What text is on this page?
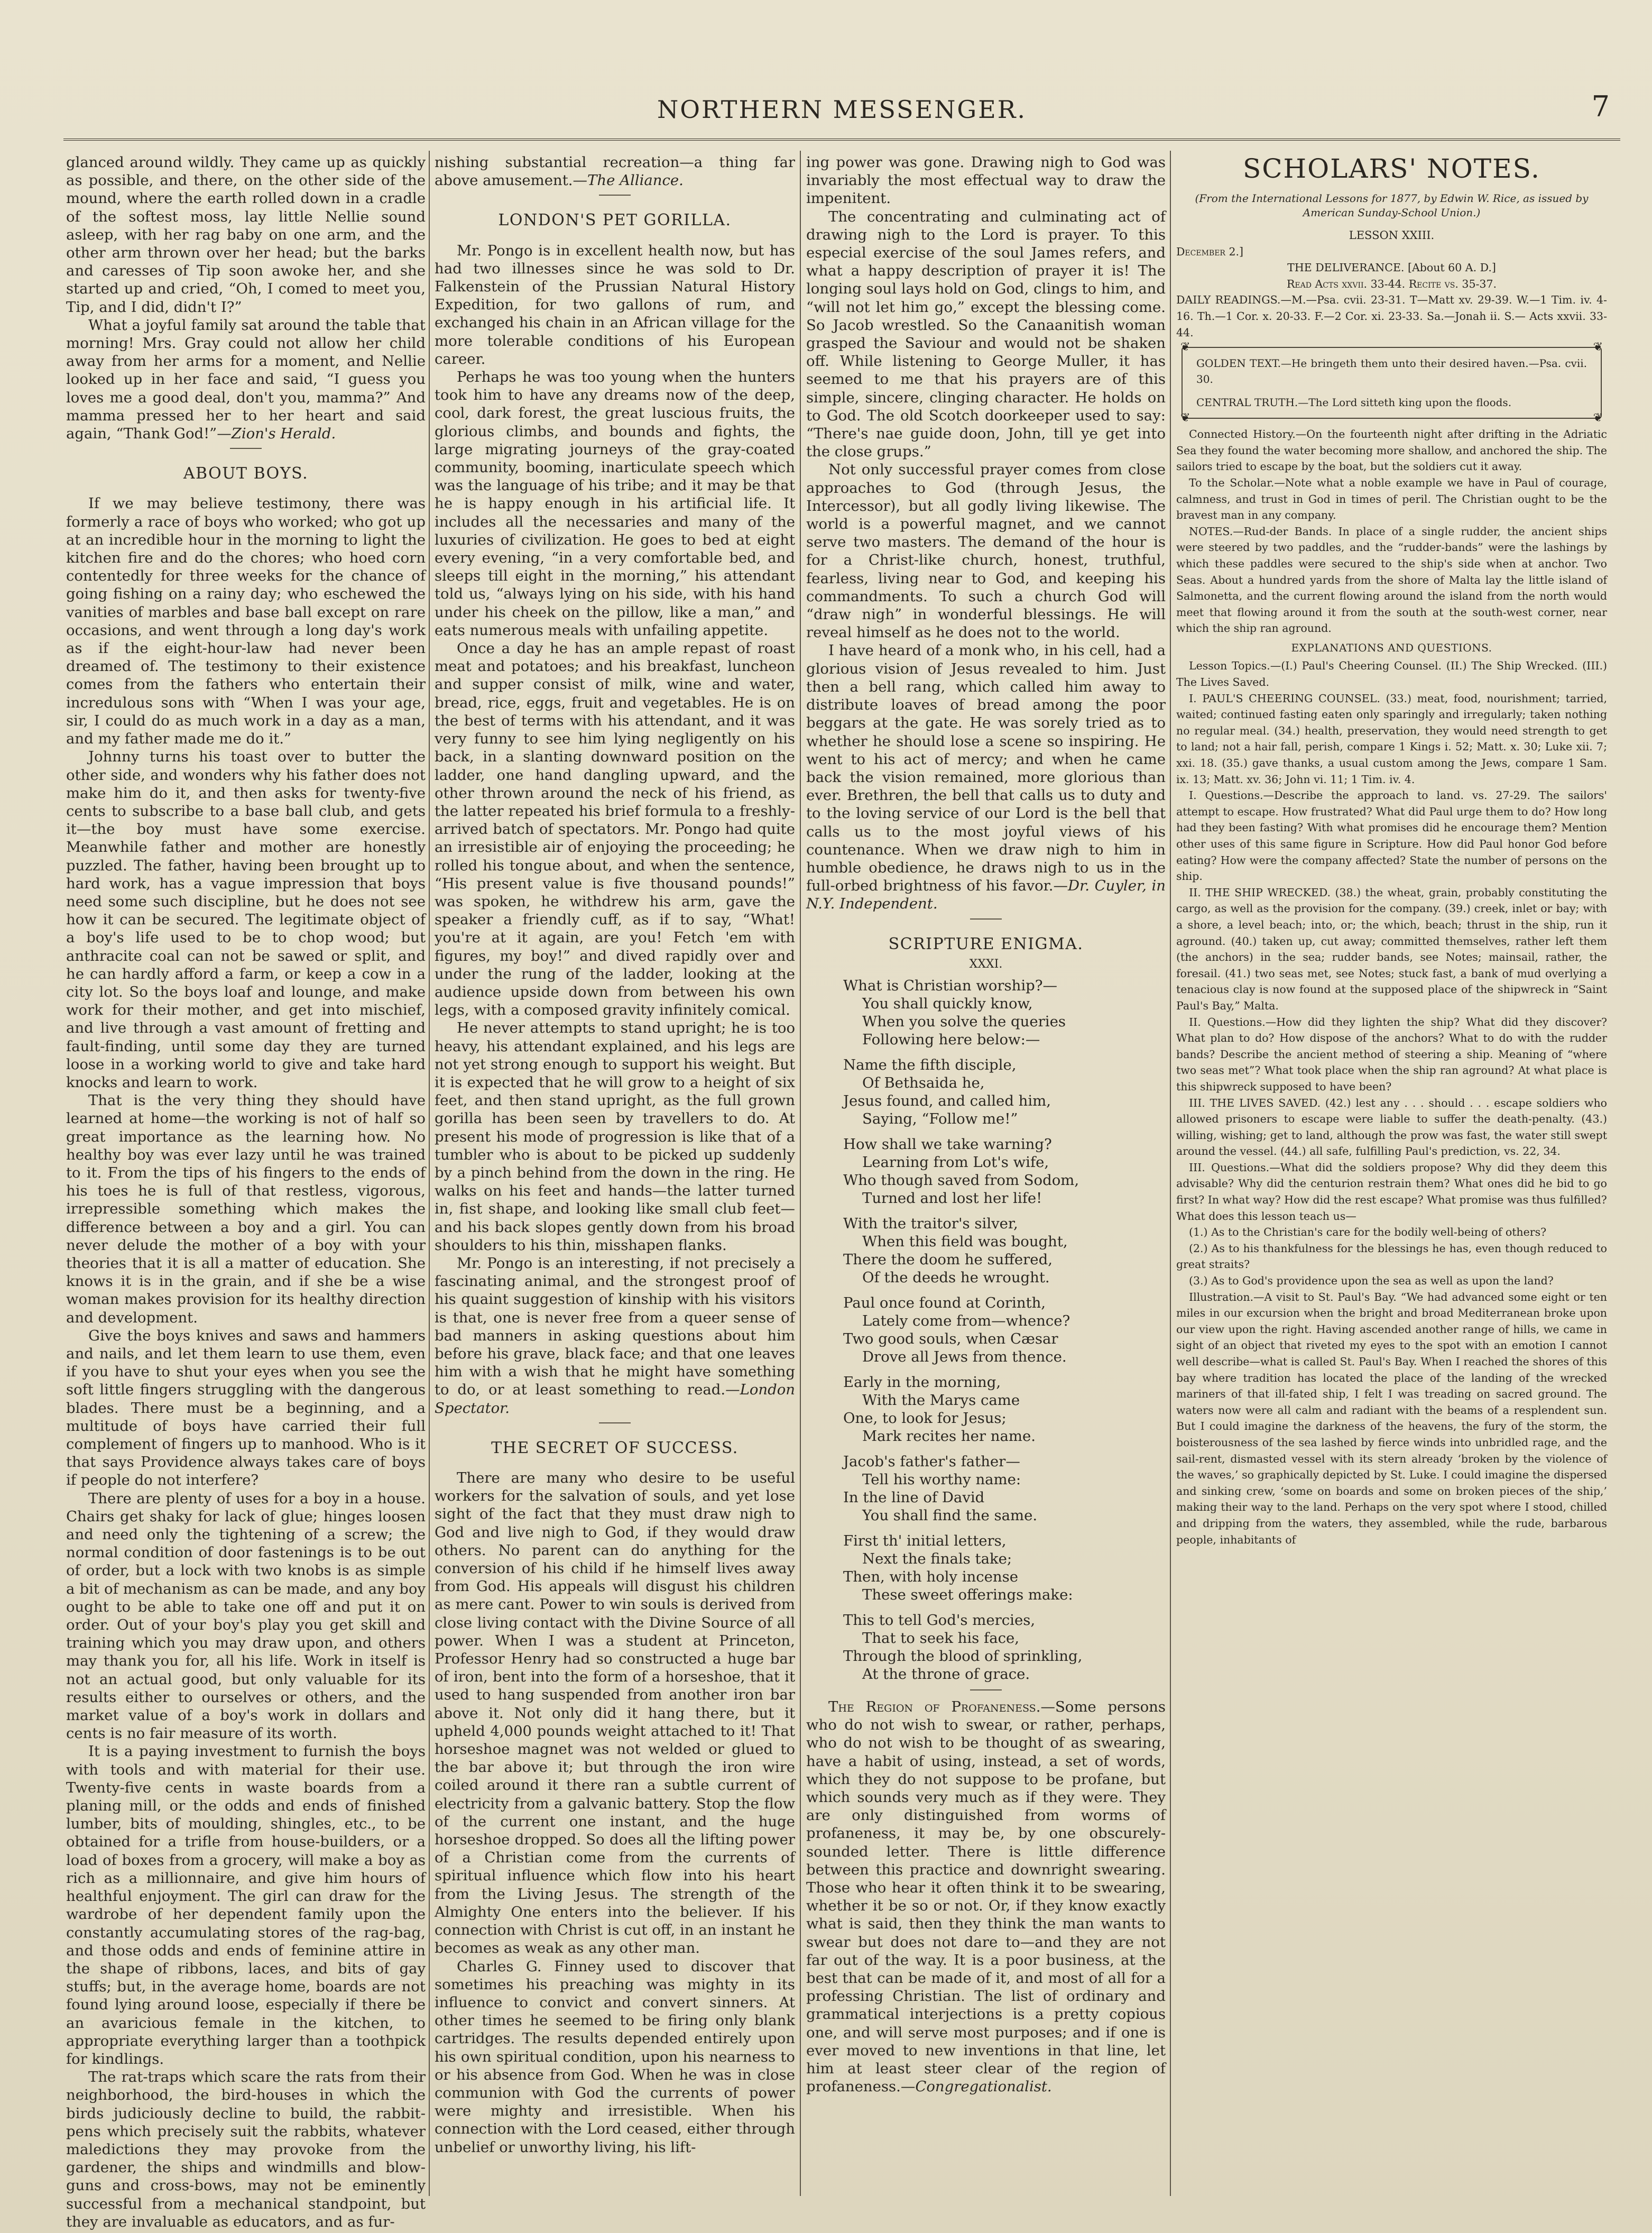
NORTHERN MESSENGER.	7

glanced around wildly. They came up as quickly as possible, and there, on the other side of the mound, where the earth rolled down in a cradle of the softest moss, lay little Nellie sound asleep, with her rag baby on one arm, and the other arm thrown over her head; but the barks and caresses of Tip soon awoke her, and she started up and cried, “Oh, I comed to meet you, Tip, and I did, didn't I?”

What a joyful family sat around the table that morning! Mrs. Gray could not allow her child away from her arms for a moment, and Nellie looked up in her face and said, “I guess you loves me a good deal, don't you, mamma?” And mamma pressed her to her heart and said again, “Thank God!”—Zion's Herald.

ABOUT BOYS.

If we may believe testimony, there was formerly a race of boys who worked; who got up at an incredible hour in the morning to light the kitchen fire and do the chores; who hoed corn contentedly for three weeks for the chance of going fishing on a rainy day; who eschewed the vanities of marbles and base ball except on rare occasions, and went through a long day's work as if the eight-hour-law had never been dreamed of. The testimony to their existence comes from the fathers who entertain their incredulous sons with “When I was your age, sir, I could do as much work in a day as a man, and my father made me do it.”

Johnny turns his toast over to butter the other side, and wonders why his father does not make him do it, and then asks for twenty-five cents to subscribe to a base ball club, and gets it—the boy must have some exercise. Meanwhile father and mother are honestly puzzled. The father, having been brought up to hard work, has a vague impression that boys need some such discipline, but he does not see how it can be secured. The legitimate object of a boy's life used to be to chop wood; but anthracite coal can not be sawed or split, and he can hardly afford a farm, or keep a cow in a city lot. So the boys loaf and lounge, and make work for their mother, and get into mischief, and live through a vast amount of fretting and fault-finding, until some day they are turned loose in a working world to give and take hard knocks and learn to work.

That is the very thing they should have learned at home—the working is not of half so great importance as the learning how. No healthy boy was ever lazy until he was trained to it. From the tips of his fingers to the ends of his toes he is full of that restless, vigorous, irrepressible something which makes the difference between a boy and a girl. You can never delude the mother of a boy with your theories that it is all a matter of education. She knows it is in the grain, and if she be a wise woman makes provision for its healthy direction and development.

Give the boys knives and saws and hammers and nails, and let them learn to use them, even if you have to shut your eyes when you see the soft little fingers struggling with the dangerous blades. There must be a beginning, and a multitude of boys have carried their full complement of fingers up to manhood. Who is it that says Providence always takes care of boys if people do not interfere?

There are plenty of uses for a boy in a house. Chairs get shaky for lack of glue; hinges loosen and need only the tightening of a screw; the normal condition of door fastenings is to be out of order, but a lock with two knobs is as simple a bit of mechanism as can be made, and any boy ought to be able to take one off and put it on order. Out of your boy's play you get skill and training which you may draw upon, and others may thank you for, all his life. Work in itself is not an actual good, but only valuable for its results either to ourselves or others, and the market value of a boy's work in dollars and cents is no fair measure of its worth.

It is a paying investment to furnish the boys with tools and with material for their use. Twenty-five cents in waste boards from a planing mill, or the odds and ends of finished lumber, bits of moulding, shingles, etc., to be obtained for a trifle from house-builders, or a load of boxes from a grocery, will make a boy as rich as a millionnaire, and give him hours of healthful enjoyment. The girl can draw for the wardrobe of her dependent family upon the constantly accumulating stores of the rag-bag, and those odds and ends of feminine attire in the shape of ribbons, laces, and bits of gay stuffs; but, in the average home, boards are not found lying around loose, especially if there be an avaricious female in the kitchen, to appropriate everything larger than a toothpick for kindlings.

The rat-traps which scare the rats from their neighborhood, the bird-houses in which the birds judiciously decline to build, the rabbit-pens which precisely suit the rabbits, whatever maledictions they may provoke from the gardener, the ships and windmills and blow-guns and cross-bows, may not be eminently successful from a mechanical standpoint, but they are invaluable as educators, and as fur-

nishing substantial recreation—a thing far above amusement.—The Alliance.

LONDON'S PET GORILLA.

Mr. Pongo is in excellent health now, but has had two illnesses since he was sold to Dr. Falkenstein of the Prussian Natural History Expedition, for two gallons of rum, and exchanged his chain in an African village for the more tolerable conditions of his European career.

Perhaps he was too young when the hunters took him to have any dreams now of the deep, cool, dark forest, the great luscious fruits, the glorious climbs, and bounds and fights, the large migrating journeys of the gray-coated community, booming, inarticulate speech which was the language of his tribe; and it may be that he is happy enough in his artificial life. It includes all the necessaries and many of the luxuries of civilization. He goes to bed at eight every evening, “in a very comfortable bed, and sleeps till eight in the morning,” his attendant told us, “always lying on his side, with his hand under his cheek on the pillow, like a man,” and eats numerous meals with unfailing appetite.

Once a day he has an ample repast of roast meat and potatoes; and his breakfast, luncheon and supper consist of milk, wine and water, bread, rice, eggs, fruit and vegetables. He is on the best of terms with his attendant, and it was very funny to see him lying negligently on his back, in a slanting downward position on the ladder, one hand dangling upward, and the other thrown around the neck of his friend, as the latter repeated his brief formula to a freshly-arrived batch of spectators. Mr. Pongo had quite an irresistible air of enjoying the proceeding; he rolled his tongue about, and when the sentence, “His present value is five thousand pounds!” was spoken, he withdrew his arm, gave the speaker a friendly cuff, as if to say, “What! you're at it again, are you! Fetch 'em with figures, my boy!” and dived rapidly over and under the rung of the ladder, looking at the audience upside down from between his own legs, with a composed gravity infinitely comical.

He never attempts to stand upright; he is too heavy, his attendant explained, and his legs are not yet strong enough to support his weight. But it is expected that he will grow to a height of six feet, and then stand upright, as the full grown gorilla has been seen by travellers to do. At present his mode of progression is like that of a tumbler who is about to be picked up suddenly by a pinch behind from the down in the ring. He walks on his feet and hands—the latter turned in, fist shape, and looking like small club feet—and his back slopes gently down from his broad shoulders to his thin, misshapen flanks.

Mr. Pongo is an interesting, if not precisely a fascinating animal, and the strongest proof of his quaint suggestion of kinship with his visitors is that, one is never free from a queer sense of bad manners in asking questions about him before his grave, black face; and that one leaves him with a wish that he might have something to do, or at least something to read.—London Spectator.

THE SECRET OF SUCCESS.

There are many who desire to be useful workers for the salvation of souls, and yet lose sight of the fact that they must draw nigh to God and live nigh to God, if they would draw others. No parent can do anything for the conversion of his child if he himself lives away from God. His appeals will disgust his children as mere cant. Power to win souls is derived from close living contact with the Divine Source of all power. When I was a student at Princeton, Professor Henry had so constructed a huge bar of iron, bent into the form of a horseshoe, that it used to hang suspended from another iron bar above it. Not only did it hang there, but it upheld 4,000 pounds weight attached to it! That horseshoe magnet was not welded or glued to the bar above it; but through the iron wire coiled around it there ran a subtle current of electricity from a galvanic battery. Stop the flow of the current one instant, and the huge horseshoe dropped. So does all the lifting power of a Christian come from the currents of spiritual influence which flow into his heart from the Living Jesus. The strength of the Almighty One enters into the believer. If his connection with Christ is cut off, in an instant he becomes as weak as any other man.

Charles G. Finney used to discover that sometimes his preaching was mighty in its influence to convict and convert sinners. At other times he seemed to be firing only blank cartridges. The results depended entirely upon his own spiritual condition, upon his nearness to or his absence from God. When he was in close communion with God the currents of power were mighty and irresistible. When his connection with the Lord ceased, either through unbelief or unworthy living, his lift-

ing power was gone. Drawing nigh to God was invariably the most effectual way to draw the impenitent.

The concentrating and culminating act of drawing nigh to the Lord is prayer. To this especial exercise of the soul James refers, and what a happy description of prayer it is! The longing soul lays hold on God, clings to him, and “will not let him go,” except the blessing come. So Jacob wrestled. So the Canaanitish woman grasped the Saviour and would not be shaken off. While listening to George Muller, it has seemed to me that his prayers are of this simple, sincere, clinging character. He holds on to God. The old Scotch doorkeeper used to say: “There's nae guide doon, John, till ye get into the close grups.”

Not only successful prayer comes from close approaches to God (through Jesus, the Intercessor), but all godly living likewise. The world is a powerful magnet, and we cannot serve two masters. The demand of the hour is for a Christ-like church, honest, truthful, fearless, living near to God, and keeping his commandments. To such a church God will “draw nigh” in wonderful blessings. He will reveal himself as he does not to the world.

I have heard of a monk who, in his cell, had a glorious vision of Jesus revealed to him. Just then a bell rang, which called him away to distribute loaves of bread among the poor beggars at the gate. He was sorely tried as to whether he should lose a scene so inspiring. He went to his act of mercy; and when he came back the vision remained, more glorious than ever. Brethren, the bell that calls us to duty and to the loving service of our Lord is the bell that calls us to the most joyful views of his countenance. When we draw nigh to him in humble obedience, he draws nigh to us in the full-orbed brightness of his favor.—Dr. Cuyler, in N.Y. Independent.

SCRIPTURE ENIGMA.
XXXI.
What is Christian worship?—
You shall quickly know,
When you solve the queries
Following here below:—
Name the fifth disciple,
Of Bethsaida he,
Jesus found, and called him,
Saying, “Follow me!”
How shall we take warning?
Learning from Lot's wife,
Who though saved from Sodom,
Turned and lost her life!
With the traitor's silver,
When this field was bought,
There the doom he suffered,
Of the deeds he wrought.
Paul once found at Corinth,
Lately come from—whence?
Two good souls, when Cæsar
Drove all Jews from thence.
Early in the morning,
With the Marys came
One, to look for Jesus;
Mark recites her name.
Jacob's father's father—
Tell his worthy name:
In the line of David
You shall find the same.
First th' initial letters,
Next the finals take;
Then, with holy incense
These sweet offerings make:
This to tell God's mercies,
That to seek his face,
Through the blood of sprinkling,
At the throne of grace.

The Region of Profaneness.—Some persons who do not wish to swear, or rather, perhaps, who do not wish to be thought of as swearing, have a habit of using, instead, a set of words, which they do not suppose to be profane, but which sounds very much as if they were. They are only distinguished from worms of profaneness, it may be, by one obscurely-sounded letter. There is little difference between this practice and downright swearing. Those who hear it often think it to be swearing, whether it be so or not. Or, if they know exactly what is said, then they think the man wants to swear but does not dare to—and they are not far out of the way. It is a poor business, at the best that can be made of it, and most of all for a professing Christian. The list of ordinary and grammatical interjections is a pretty copious one, and will serve most purposes; and if one is ever moved to new inventions in that line, let him at least steer clear of the region of profaneness.—Congregationalist.

SCHOLARS' NOTES.
(From the International Lessons for 1877, by Edwin W. Rice, as issued by American Sunday-School Union.)
LESSON XXIII.

December 2.]

THE DELIVERANCE. [About 60 A. D.]

Read Acts xxvii. 33-44. Recite vs. 35-37.

DAILY READINGS.—M.—Psa. cvii. 23-31. T—Matt xv. 29-39. W.—1 Tim. iv. 4-16. Th.—1 Cor. x. 20-33. F.—2 Cor. xi. 23-33. Sa.—Jonah ii. S.— Acts xxvii. 33-44.

❦	❦
❦	❦

GOLDEN TEXT.—He bringeth them unto their desired haven.—Psa. cvii. 30.

CENTRAL TRUTH.—The Lord sitteth king upon the floods.

Connected History.—On the fourteenth night after drifting in the Adriatic Sea they found the water becoming more shallow, and anchored the ship. The sailors tried to escape by the boat, but the soldiers cut it away.

To the Scholar.—Note what a noble example we have in Paul of courage, calmness, and trust in God in times of peril. The Christian ought to be the bravest man in any company.

NOTES.—Rud-der Bands. In place of a single rudder, the ancient ships were steered by two paddles, and the “rudder-bands” were the lashings by which these paddles were secured to the ship's side when at anchor. Two Seas. About a hundred yards from the shore of Malta lay the little island of Salmonetta, and the current flowing around the island from the north would meet that flowing around it from the south at the south-west corner, near which the ship ran aground.

EXPLANATIONS AND QUESTIONS.

Lesson Topics.—(I.) Paul's Cheering Counsel. (II.) The Ship Wrecked. (III.) The Lives Saved.

I. PAUL'S CHEERING COUNSEL. (33.) meat, food, nourishment; tarried, waited; continued fasting eaten only sparingly and irregularly; taken nothing no regular meal. (34.) health, preservation, they would need strength to get to land; not a hair fall, perish, compare 1 Kings i. 52; Matt. x. 30; Luke xii. 7; xxi. 18. (35.) gave thanks, a usual custom among the Jews, compare 1 Sam. ix. 13; Matt. xv. 36; John vi. 11; 1 Tim. iv. 4.

I. Questions.—Describe the approach to land. vs. 27-29. The sailors' attempt to escape. How frustrated? What did Paul urge them to do? How long had they been fasting? With what promises did he encourage them? Mention other uses of this same figure in Scripture. How did Paul honor God before eating? How were the company affected? State the number of persons on the ship.

II. THE SHIP WRECKED. (38.) the wheat, grain, probably constituting the cargo, as well as the provision for the company. (39.) creek, inlet or bay; with a shore, a level beach; into, or; the which, beach; thrust in the ship, run it aground. (40.) taken up, cut away; committed themselves, rather left them (the anchors) in the sea; rudder bands, see Notes; mainsail, rather, the foresail. (41.) two seas met, see Notes; stuck fast, a bank of mud overlying a tenacious clay is now found at the supposed place of the shipwreck in “Saint Paul's Bay,” Malta.

II. Questions.—How did they lighten the ship? What did they discover? What plan to do? How dispose of the anchors? What to do with the rudder bands? Describe the ancient method of steering a ship. Meaning of “where two seas met”? What took place when the ship ran aground? At what place is this shipwreck supposed to have been?

III. THE LIVES SAVED. (42.) lest any . . . should . . . escape soldiers who allowed prisoners to escape were liable to suffer the death-penalty. (43.) willing, wishing; get to land, although the prow was fast, the water still swept around the vessel. (44.) all safe, fulfilling Paul's prediction, vs. 22, 34.

III. Questions.—What did the soldiers propose? Why did they deem this advisable? Why did the centurion restrain them? What ones did he bid to go first? In what way? How did the rest escape? What promise was thus fulfilled?

What does this lesson teach us—

(1.) As to the Christian's care for the bodily well-being of others?

(2.) As to his thankfulness for the blessings he has, even though reduced to great straits?

(3.) As to God's providence upon the sea as well as upon the land?

Illustration.—A visit to St. Paul's Bay. “We had advanced some eight or ten miles in our excursion when the bright and broad Mediterranean broke upon our view upon the right. Having ascended another range of hills, we came in sight of an object that riveted my eyes to the spot with an emotion I cannot well describe—what is called St. Paul's Bay. When I reached the shores of this bay where tradition has located the place of the landing of the wrecked mariners of that ill-fated ship, I felt I was treading on sacred ground. The waters now were all calm and radiant with the beams of a resplendent sun. But I could imagine the darkness of the heavens, the fury of the storm, the boisterousness of the sea lashed by fierce winds into unbridled rage, and the sail-rent, dismasted vessel with its stern already ‘broken by the violence of the waves,’ so graphically depicted by St. Luke. I could imagine the dispersed and sinking crew, ‘some on boards and some on broken pieces of the ship,’ making their way to the land. Perhaps on the very spot where I stood, chilled and dripping from the waters, they assembled, while the rude, barbarous people, inhabitants of
